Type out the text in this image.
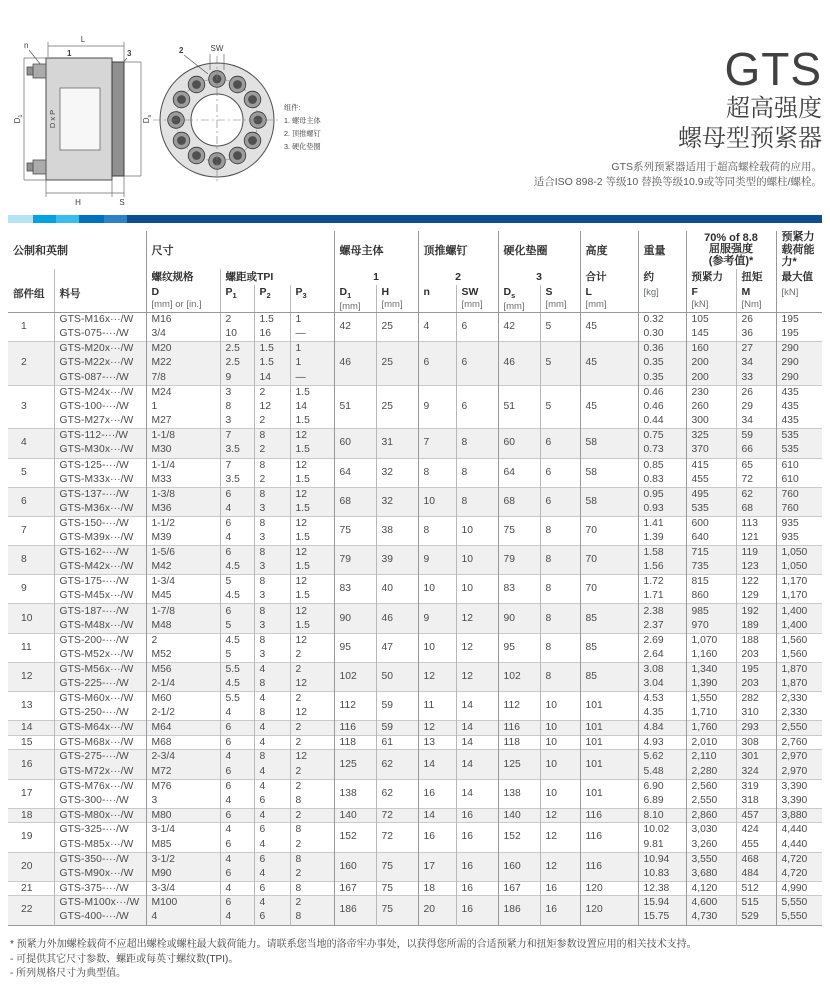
L
n
1	3
D x P
$D_1$
$D_s$
H	S
SW
2
组件:
1. 螺母主体
2. 顶推螺钉
3. 硬化垫圈
GTS
超高强度
螺母型预紧器
GTS系列预紧器适用于超高螺栓载荷的应用。
适合ISO 898-2 等级10 替换等级10.9或等同类型的螺柱/螺栓。
公制和英制		尺寸				螺母主体		顶推螺钉		硬化垫圈		高度	重量	70% of 8.8
屈服强度
(参考值)*		预紧力载荷能力*
		螺纹规格	螺距或TPI			1		2		3		合计	约	预紧力	扭矩	最大值
部件组	料号	D
[mm] or [in.]	$P_1$	$P_2$	$P_3$	$D_1$
[mm]	H
[mm]	n	SW
[mm]	$D_s$
[mm]	S
[mm]	L
[mm]	[kg]	F
[kN]	M
[Nm]	[kN]

1	GTS-M16x···/W	M16	2	1.5	1	42	25	4	6	42	5	45	0.32	105	26	195
	GTS-075-···/W	3/4	10	16	—								0.30	145	36	195
2	GTS-M20x···/W	M20	2.5	1.5	1	46	25	6	6	46	5	45	0.36	160	27	290
	GTS-M22x···/W	M22	2.5	1.5	1								0.35	200	34	290
	GTS-087-···/W	7/8	9	14	—								0.35	200	33	290
3	GTS-M24x···/W	M24	3	2	1.5	51	25	9	6	51	5	45	0.46	230	26	435
	GTS-100-···/W	1	8	12	14								0.46	260	29	435
	GTS-M27x···/W	M27	3	2	1.5								0.44	300	34	435
4	GTS-112-···/W	1-1/8	7	8	12	60	31	7	8	60	6	58	0.75	325	59	535
	GTS-M30x···/W	M30	3.5	2	1.5								0.73	370	66	535
5	GTS-125-···/W	1-1/4	7	8	12	64	32	8	8	64	6	58	0.85	415	65	610
	GTS-M33x···/W	M33	3.5	2	1.5								0.83	455	72	610
6	GTS-137-···/W	1-3/8	6	8	12	68	32	10	8	68	6	58	0.95	495	62	760
	GTS-M36x···/W	M36	4	3	1.5								0.93	535	68	760
7	GTS-150-···/W	1-1/2	6	8	12	75	38	8	10	75	8	70	1.41	600	113	935
	GTS-M39x···/W	M39	4	3	1.5								1.39	640	121	935
8	GTS-162-···/W	1-5/6	6	8	12	79	39	9	10	79	8	70	1.58	715	119	1,050
	GTS-M42x···/W	M42	4.5	3	1.5								1.56	735	123	1,050
9	GTS-175-···/W	1-3/4	5	8	12	83	40	10	10	83	8	70	1.72	815	122	1,170
	GTS-M45x···/W	M45	4.5	3	1.5								1.71	860	129	1,170
10	GTS-187-···/W	1-7/8	6	8	12	90	46	9	12	90	8	85	2.38	985	192	1,400
	GTS-M48x···/W	M48	5	3	1.5								2.37	970	189	1,400
11	GTS-200-···/W	2	4.5	8	12	95	47	10	12	95	8	85	2.69	1,070	188	1,560
	GTS-M52x···/W	M52	5	3	2								2.64	1,160	203	1,560
12	GTS-M56x···/W	M56	5.5	4	2	102	50	12	12	102	8	85	3.08	1,340	195	1,870
	GTS-225-···/W	2-1/4	4.5	8	12								3.04	1,390	203	1,870
13	GTS-M60x···/W	M60	5.5	4	2	112	59	11	14	112	10	101	4.53	1,550	282	2,330
	GTS-250-···/W	2-1/2	4	8	12								4.35	1,710	310	2,330
14	GTS-M64x···/W	M64	6	4	2	116	59	12	14	116	10	101	4.84	1,760	293	2,550
15	GTS-M68x···/W	M68	6	4	2	118	61	13	14	118	10	101	4.93	2,010	308	2,760
16	GTS-275-···/W	2-3/4	4	8	12	125	62	14	14	125	10	101	5.62	2,110	301	2,970
	GTS-M72x···/W	M72	6	4	2								5.48	2,280	324	2,970
17	GTS-M76x···/W	M76	6	4	2	138	62	16	14	138	10	101	6.90	2,560	319	3,390
	GTS-300-···/W	3	4	6	8								6.89	2,550	318	3,390
18	GTS-M80x···/W	M80	6	4	2	140	72	14	16	140	12	116	8.10	2,860	457	3,880
19	GTS-325-···/W	3-1/4	4	6	8	152	72	16	16	152	12	116	10.02	3,030	424	4,440
	GTS-M85x···/W	M85	6	4	2								9.81	3,260	455	4,440
20	GTS-350-···/W	3-1/2	4	6	8	160	75	17	16	160	12	116	10.94	3,550	468	4,720
	GTS-M90x···/W	M90	6	4	2								10.83	3,680	484	4,720
21	GTS-375-···/W	3-3/4	4	6	8	167	75	18	16	167	16	120	12.38	4,120	512	4,990
22	GTS-M100x···/W	M100	6	4	2	186	75	20	16	186	16	120	15.94	4,600	515	5,550
	GTS-400-···/W	4	4	6	8								15.75	4,730	529	5,550
* 预紧力外加螺栓载荷不应超出螺栓或螺柱最大载荷能力。请联系您当地的洛帝牢办事处，以获得您所需的合适预紧力和扭矩参数设置应用的相关技术支持。
- 可提供其它尺寸参数、螺距或每英寸螺纹数(TPI)。
- 所列规格尺寸为典型值。
